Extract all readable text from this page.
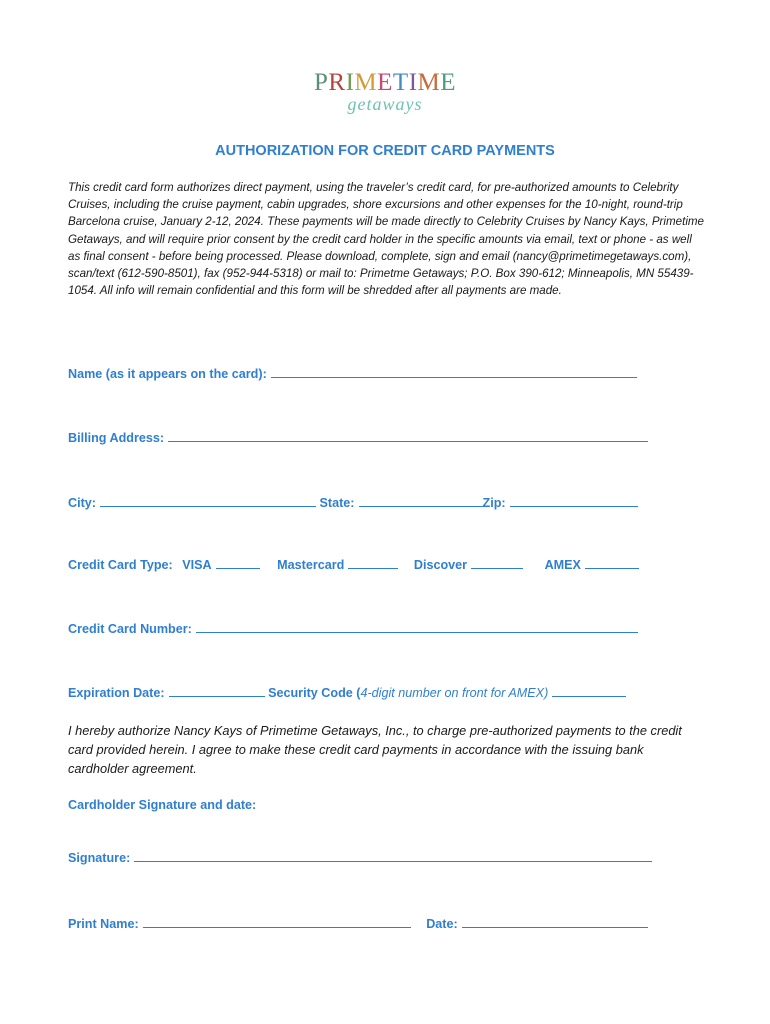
PRIMETIME
getaways
AUTHORIZATION FOR CREDIT CARD PAYMENTS
This credit card form authorizes direct payment, using the traveler’s credit card, for pre-authorized amounts to Celebrity Cruises, including the cruise payment, cabin upgrades, shore excursions and other expenses for the 10-night, round-trip Barcelona cruise, January 2-12, 2024. These payments will be made directly to Celebrity Cruises by Nancy Kays, Primetime Getaways, and will require prior consent by the credit card holder in the specific amounts via email, text or phone - as well as final consent - before being processed. Please download, complete, sign and email (nancy@primetimegetaways.com), scan/text (612-590-8501), fax (952-944-5318) or mail to: Primetme Getaways; P.O. Box 390-612; Minneapolis, MN 55439-1054. All info will remain confidential and this form will be shredded after all payments are made.
Name (as it appears on the card):
Billing Address:
City:	State:	Zip:
Credit Card Type: VISA	Mastercard	Discover	AMEX
Credit Card Number:
Expiration Date:	Security Code (4-digit number on front for AMEX)
I hereby authorize Nancy Kays of Primetime Getaways, Inc., to charge pre-authorized payments to the credit card provided herein. I agree to make these credit card payments in accordance with the issuing bank cardholder agreement.
Cardholder Signature and date:
Signature:
Print Name:	Date:
